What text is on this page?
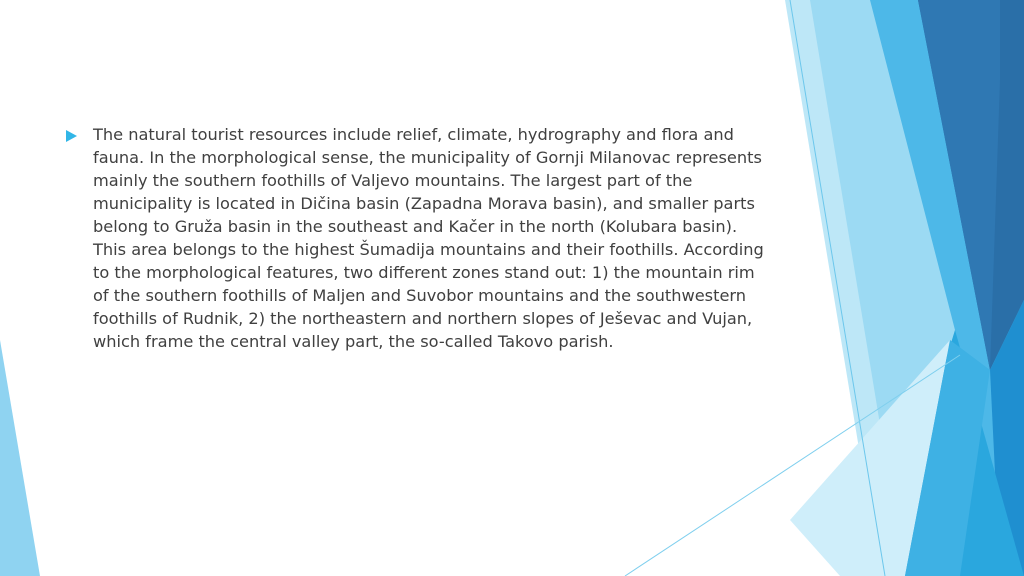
The natural tourist resources include relief, climate, hydrography and flora and fauna. In the morphological sense, the municipality of Gornji Milanovac represents mainly the southern foothills of Valjevo mountains. The largest part of the municipality is located in Dičina basin (Zapadna Morava basin), and smaller parts belong to Gruža basin in the southeast and Kačer in the north (Kolubara basin). This area belongs to the highest Šumadija mountains and their foothills. According to the morphological features, two different zones stand out: 1) the mountain rim of the southern foothills of Maljen and Suvobor mountains and the southwestern foothills of Rudnik, 2) the northeastern and northern slopes of Ješevac and Vujan, which frame the central valley part, the so-called Takovo parish.
